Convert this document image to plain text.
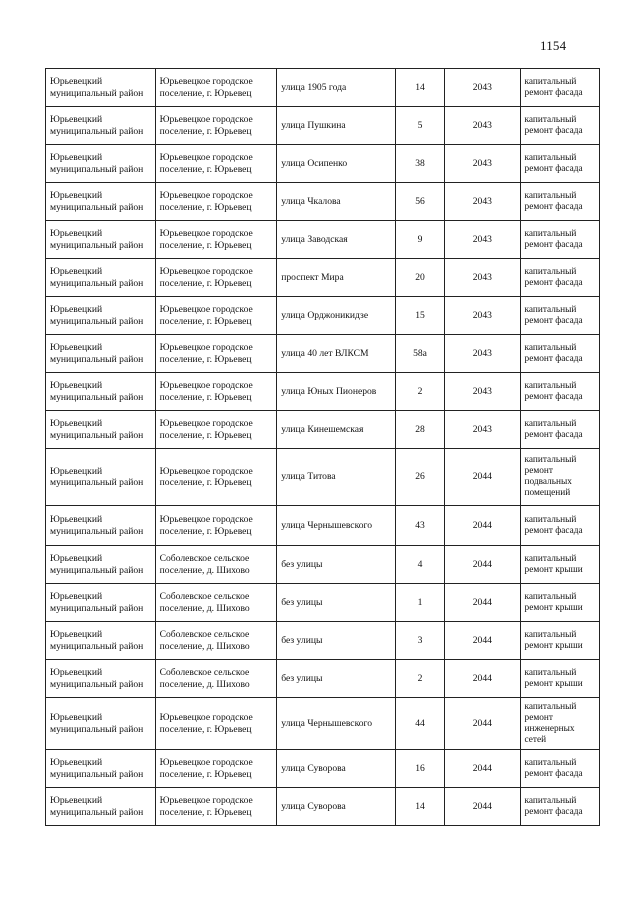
1154
Юрьевецкий муниципальный район	Юрьевецкое городское поселение, г. Юрьевец	улица 1905 года	14	2043	капитальный ремонт фасада
Юрьевецкий муниципальный район	Юрьевецкое городское поселение, г. Юрьевец	улица Пушкина	5	2043	капитальный ремонт фасада
Юрьевецкий муниципальный район	Юрьевецкое городское поселение, г. Юрьевец	улица Осипенко	38	2043	капитальный ремонт фасада
Юрьевецкий муниципальный район	Юрьевецкое городское поселение, г. Юрьевец	улица Чкалова	56	2043	капитальный ремонт фасада
Юрьевецкий муниципальный район	Юрьевецкое городское поселение, г. Юрьевец	улица Заводская	9	2043	капитальный ремонт фасада
Юрьевецкий муниципальный район	Юрьевецкое городское поселение, г. Юрьевец	проспект Мира	20	2043	капитальный ремонт фасада
Юрьевецкий муниципальный район	Юрьевецкое городское поселение, г. Юрьевец	улица Орджоникидзе	15	2043	капитальный ремонт фасада
Юрьевецкий муниципальный район	Юрьевецкое городское поселение, г. Юрьевец	улица 40 лет ВЛКСМ	58а	2043	капитальный ремонт фасада
Юрьевецкий муниципальный район	Юрьевецкое городское поселение, г. Юрьевец	улица Юных Пионеров	2	2043	капитальный ремонт фасада
Юрьевецкий муниципальный район	Юрьевецкое городское поселение, г. Юрьевец	улица Кинешемская	28	2043	капитальный ремонт фасада
Юрьевецкий муниципальный район	Юрьевецкое городское поселение, г. Юрьевец	улица Титова	26	2044	капитальный ремонт подвальных помещений
Юрьевецкий муниципальный район	Юрьевецкое городское поселение, г. Юрьевец	улица Чернышевского	43	2044	капитальный ремонт фасада
Юрьевецкий муниципальный район	Соболевское сельское поселение, д. Шихово	без улицы	4	2044	капитальный ремонт крыши
Юрьевецкий муниципальный район	Соболевское сельское поселение, д. Шихово	без улицы	1	2044	капитальный ремонт крыши
Юрьевецкий муниципальный район	Соболевское сельское поселение, д. Шихово	без улицы	3	2044	капитальный ремонт крыши
Юрьевецкий муниципальный район	Соболевское сельское поселение, д. Шихово	без улицы	2	2044	капитальный ремонт крыши
Юрьевецкий муниципальный район	Юрьевецкое городское поселение, г. Юрьевец	улица Чернышевского	44	2044	капитальный ремонт инженерных сетей
Юрьевецкий муниципальный район	Юрьевецкое городское поселение, г. Юрьевец	улица Суворова	16	2044	капитальный ремонт фасада
Юрьевецкий муниципальный район	Юрьевецкое городское поселение, г. Юрьевец	улица Суворова	14	2044	капитальный ремонт фасада
